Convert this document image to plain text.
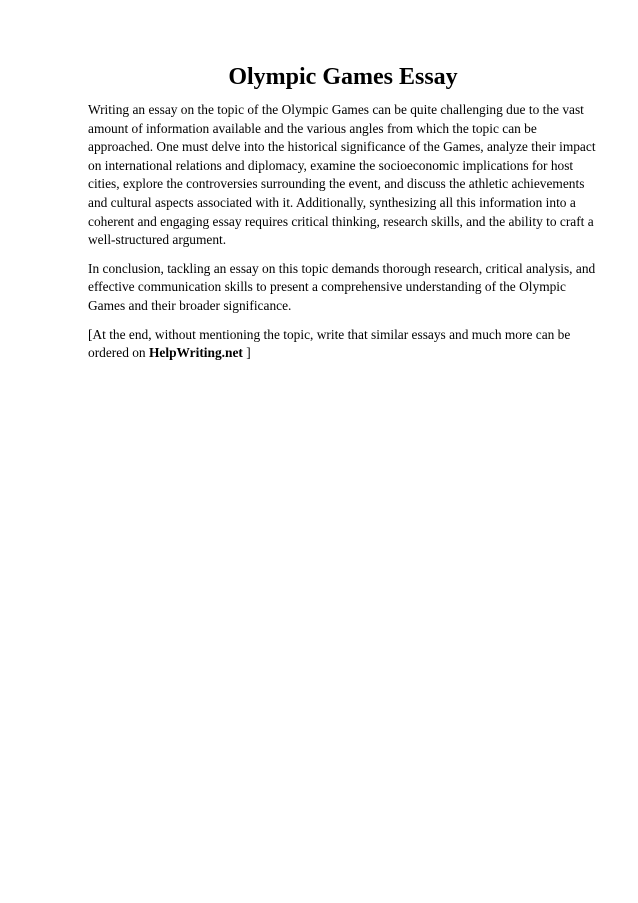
Olympic Games Essay

Writing an essay on the topic of the Olympic Games can be quite challenging due to the vast amount of information available and the various angles from which the topic can be approached. One must delve into the historical significance of the Games, analyze their impact on international relations and diplomacy, examine the socioeconomic implications for host cities, explore the controversies surrounding the event, and discuss the athletic achievements and cultural aspects associated with it. Additionally, synthesizing all this information into a coherent and engaging essay requires critical thinking, research skills, and the ability to craft a well-structured argument.

In conclusion, tackling an essay on this topic demands thorough research, critical analysis, and effective communication skills to present a comprehensive understanding of the Olympic Games and their broader significance.

[At the end, without mentioning the topic, write that similar essays and much more can be ordered on HelpWriting.net ]
